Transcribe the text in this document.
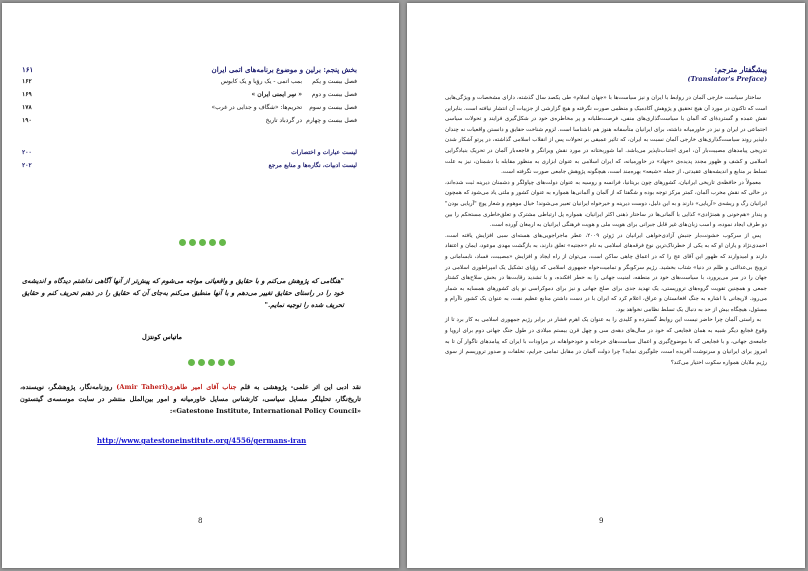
بخش پنجم: برلین و موضوع برنامه‌های اتمی ایران
۱۶۱
فصل بیست و یکم
بمب اتمی - یک رؤیا و یک کابوس
۱۶۲
فصل بیست و دوم
« سِر ایمنی ایران »
۱۶۹
فصل بیست و سوم
تحریم‌ها: «شگاف و جدایی در غرب»
۱۷۸
فصل بیست و چهارم
در گردباد تاریخ
۱۹۰
لیست عبارات و اختصارات
۲۰۰
لیست ادبیات، نگاره‌ها و منابع مرجع
۲۰۲
"هنگامی که پژوهش می‌کنم و با حقایق و واقعیاتی مواجه می‌شوم که پیش‌تر از آنها آگاهی نداشتم دیدگاه و اندیشه‌ی خود را در راستای حقایق تغییر می‌دهم و با آنها منطبق می‌کنم به‌جای آن که حقایق را در ذهنم تحریف کنم و حقایق تحریف شده را توجیه نمایم."
ماتیاس کونتزل
نقد ادبی این اثر علمی- پژوهشی به قلم جناب آقای امیر طاهری(Amir Taheri) روزنامه‌نگار، پژوهشگر، نویسنده، تاریخ‌نگار، تحلیلگر مسایل سیاسی، کارشناس مسایل خاورمیانه و امور بین‌الملل منتشر در سایت موسسه‌ی گیتستون «Gatestone Institute, International Policy Council»:
http://www.gatestoneinstitute.org/4556/germans-iran
8
پیشگفتار مترجم:
(Translator's Preface)

ساختار سیاست خارجی آلمان در روابط با ایران و نیز سیاست‌ها با «جهان اسلام» طی یکصد سال گذشته، دارای مشخصات و ویژگی‌هایی است که تاکنون در مورد آن هیچ تحقیق و پژوهش آکادمیک و منظمی صورت نگرفته و هیچ گزارشی از جزییات آن انتشار نیافته است. بنابراین نقش عمده و گستردهٔ‌ای که آلمان با سیاست‌گذاری‌های منفی، فرصت‌طلبانه و پر مخاطره‌ی خود در شکل‌گیری فرایند و تحولات سیاسی اجتماعی در ایران و نیز در خاورمیانه داشته، برای ایرانیان متأسفانه هنوز هم ناشناسا است. لزوم شناخت حقایق و دانستن واقعیات نه چندان دلپذیر روند سیاست‌گذاری‌های خارجی آلمان نسبت به ایران، که تاثیر عمیقی بر تحولات پس از انقلاب اسلامی گذاشته، در پرتو آشکار شدن تدریجی پیامدهای مصیبت‌بار آن، امری اجتناب‌ناپذیر می‌باشد. اما شوربختانه در مورد نقش ویرانگر و فاجعه‌بار آلمان در تحریک بنیادگرایی اسلامی و کشف و ظهور مجدد پدیده‌ی «جهاد» در خاورمیانه، که ایران اسلامی به عنوان ابزاری به منظور مقابله با دشمنان، نیز به علت تسلط بر منابع و اندیشه‌های عقیدتی، از جمله «شیعه» بهره‌مند است، هیچگونه پژوهش جامعی صورت نگرفته است.

معمولاً در حافظه‌ی تاریخی ایرانیان، کشورهای چون بریتانیا، فرانسه و روسیه به عنوان دولت‌های چپاولگر و دشمنان دیرینه ثبت شده‌اند، در حالی که نقش مخرب آلمان، کمتر مرکز توجه بوده و شگفتا که از آلمان و آلمانی‌ها همواره به عنوان کشور و ملتی یاد می‌شود که همچون ایرانیان رگ و ریشه‌ی «آریایی» دارند و به این دلیل، دوست دیرینه و خیرخواه ایرانیان تعبیر می‌شوند! خیال موهوم و شعار پوچ "آریایی بودن" و پندار «هم‌خونی و همنژادی» کذایی با آلمانی‌ها در ساختار ذهنی اکثر ایرانیان، همواره پل ارتباطی مشترک و تعلق‌خاطری مستحکم را بین دو طرف ایجاد نموده، و اسب زبان‌های غیر قابل جبرانی برای هویت ملی و هویت فرهنگی ایرانیان به ارمغان آورده است.

پس از سرکوب خشونت‌بار جنبش آزادی‌خواهی ایرانیان در ژوئن ۲۰۰۹، عطر ماجراجویی‌های هسته‌ای سبی افزایش یافته است. احمدی‌نژاد و یاران او که به یکی از خطرناک‌ترین نوع فرقه‌های اسلامی به نام «حجتیه» تعلق دارند، به بازگشت مهدی موعود، ایمان و اعتقاد دارند و امیدوارند که ظهور این آقای عج را که در اعماق چاهی ساکن است، می‌توان از راه ایجاد و افزایش «مصیبت، فساد، نابسامانی و ترویج بی‌عدالتی و ظلم در دنیا» شتاب بخشید. رژیم سرکوبگر و تمامیت‌خواه جمهوری اسلامی که رؤیای تشکیل یک امپراطوری اسلامی در جهان را در سر می‌پرورد، با سیاست‌های خود در منطقه، امنیت جهانی را به خطر افکنده، و با تشدید رقابت‌ها در بخش سلاح‌های کشتار جمعی و همچنین تقویت گروه‌های تروریستی، یک تهدید جدی برای صلح جهانی و نیز برای دموکراسی نو پای کشورهای همسایه به شمار می‌رود. لاریجانی با اشاره به جنگ افغانستان و عراق، اعلام کرد که ایران با در دست داشتن منابع عظیم نفت، به عنوان یک کشور ناآرام و مسئول، هیچگاه بیش از حد به دنبال یک تسلط نظامی نخواهد بود.

به راستی آلمان چرا حاضر نیست این روابط گسترده و کلیدی را به عنوان یک اهرم فشار در برابر رژیم جمهوری اسلامی به کار برد تا از وقوع فجایع دیگر شبیه به همان فجایعی که خود در سال‌های دهه‌ی سی و چهل قرن بیستم میلادی در طول جنگ جهانی دوم برای اروپا و جامعه‌ی جهانی، و با فجایعی که با موضوع‌گیری و اعمال سیاست‌های خرجانه و خودخواهانه در مراودات با ایران که پیامدهای ناگوار آن تا به امروز برای ایرانیان و سرنوشت آفریده است، جلوگیری نماید؟ چرا دولت آلمان در مقابل تمامی جرایم، تخلفات و صدور تروریسم از سوی رژیم ملایان همواره سکوت اختیار می‌کند؟

9
